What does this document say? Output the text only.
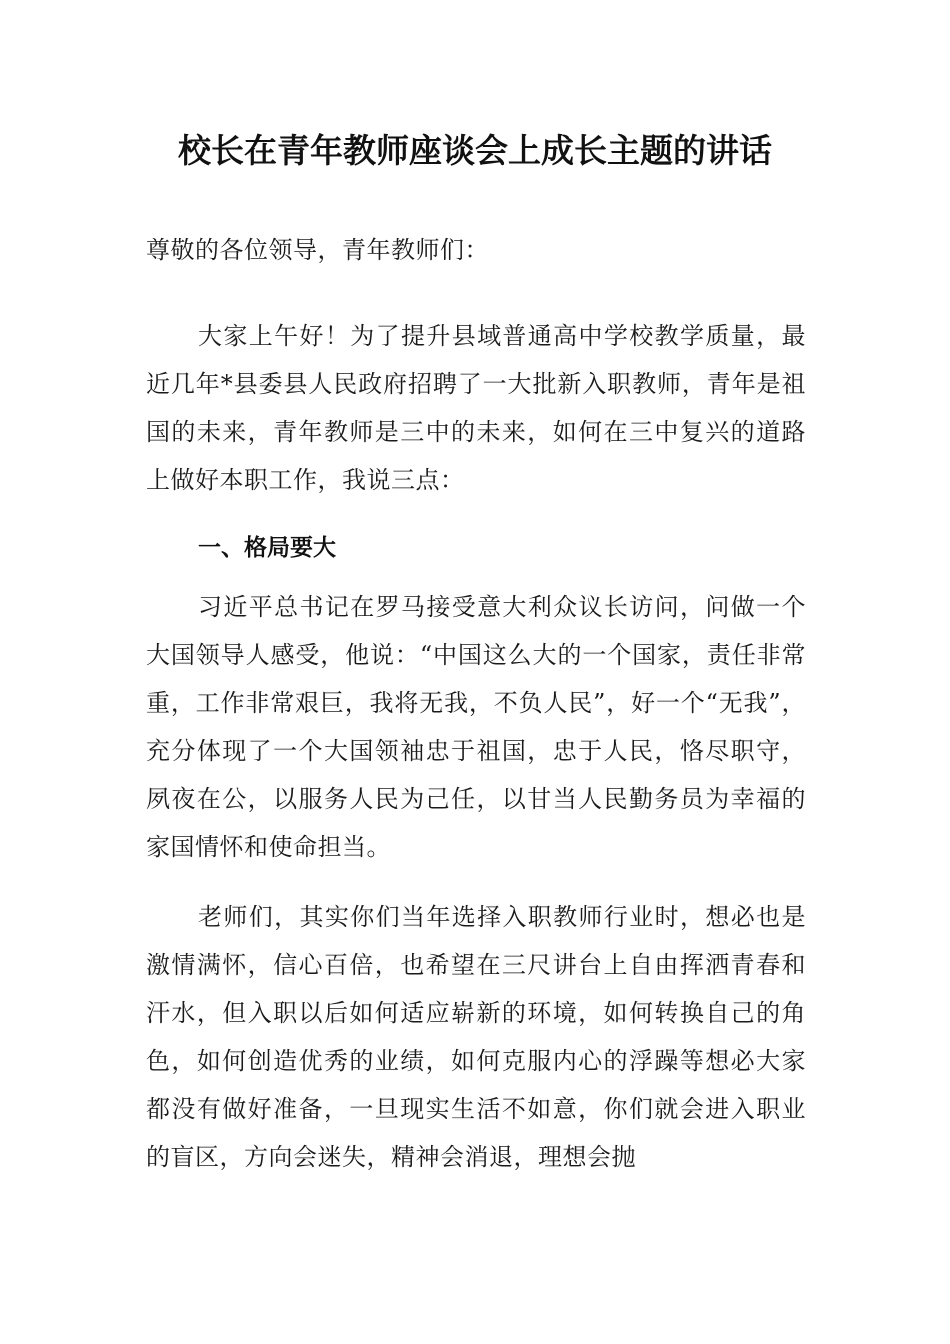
校长在青年教师座谈会上成长主题的讲话

尊敬的各位领导，青年教师们：

大家上午好！为了提升县域普通高中学校教学质量，最近几年*县委县人民政府招聘了一大批新入职教师，青年是祖国的未来，青年教师是三中的未来，如何在三中复兴的道路上做好本职工作，我说三点：

一、格局要大

习近平总书记在罗马接受意大利众议长访问，问做一个大国领导人感受，他说：“中国这么大的一个国家，责任非常重，工作非常艰巨，我将无我，不负人民”，好一个“无我”，充分体现了一个大国领袖忠于祖国，忠于人民，恪尽职守，夙夜在公，以服务人民为己任，以甘当人民勤务员为幸福的家国情怀和使命担当。

老师们，其实你们当年选择入职教师行业时，想必也是激情满怀，信心百倍，也希望在三尺讲台上自由挥洒青春和汗水，但入职以后如何适应崭新的环境，如何转换自己的角色，如何创造优秀的业绩，如何克服内心的浮躁等想必大家都没有做好准备，一旦现实生活不如意，你们就会进入职业的盲区，方向会迷失，精神会消退，理想会抛
